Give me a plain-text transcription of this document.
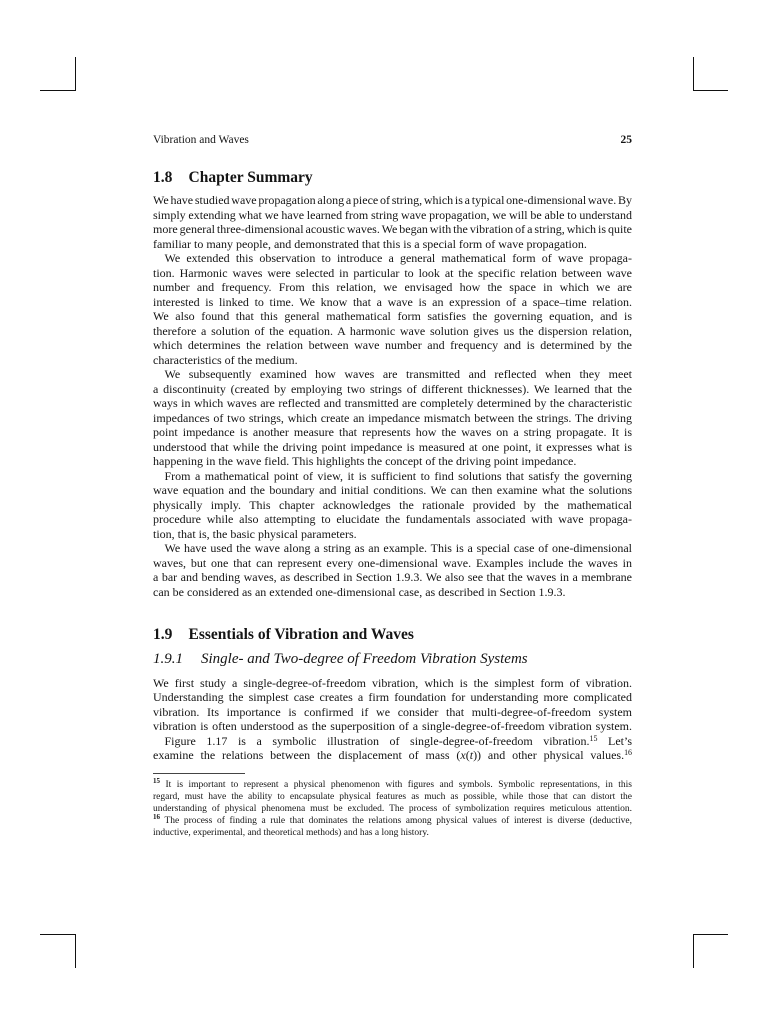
Vibration and Waves	25
1.8 Chapter Summary
We have studied wave propagation along a piece of string, which is a typical one-dimensional wave. By
simply extending what we have learned from string wave propagation, we will be able to understand
more general three-dimensional acoustic waves. We began with the vibration of a string, which is quite
familiar to many people, and demonstrated that this is a special form of wave propagation.
We extended this observation to introduce a general mathematical form of wave propaga-
tion. Harmonic waves were selected in particular to look at the specific relation between wave
number and frequency. From this relation, we envisaged how the space in which we are
interested is linked to time. We know that a wave is an expression of a space–time relation.
We also found that this general mathematical form satisfies the governing equation, and is
therefore a solution of the equation. A harmonic wave solution gives us the dispersion relation,
which determines the relation between wave number and frequency and is determined by the
characteristics of the medium.
We subsequently examined how waves are transmitted and reflected when they meet
a discontinuity (created by employing two strings of different thicknesses). We learned that the
ways in which waves are reflected and transmitted are completely determined by the characteristic
impedances of two strings, which create an impedance mismatch between the strings. The driving
point impedance is another measure that represents how the waves on a string propagate. It is
understood that while the driving point impedance is measured at one point, it expresses what is
happening in the wave field. This highlights the concept of the driving point impedance.
From a mathematical point of view, it is sufficient to find solutions that satisfy the governing
wave equation and the boundary and initial conditions. We can then examine what the solutions
physically imply. This chapter acknowledges the rationale provided by the mathematical
procedure while also attempting to elucidate the fundamentals associated with wave propaga-
tion, that is, the basic physical parameters.
We have used the wave along a string as an example. This is a special case of one-dimensional
waves, but one that can represent every one-dimensional wave. Examples include the waves in
a bar and bending waves, as described in Section 1.9.3. We also see that the waves in a membrane
can be considered as an extended one-dimensional case, as described in Section 1.9.3.
1.9 Essentials of Vibration and Waves
1.9.1 Single- and Two-degree of Freedom Vibration Systems
We first study a single-degree-of-freedom vibration, which is the simplest form of vibration.
Understanding the simplest case creates a firm foundation for understanding more complicated
vibration. Its importance is confirmed if we consider that multi-degree-of-freedom system
vibration is often understood as the superposition of a single-degree-of-freedom vibration system.
Figure 1.17 is a symbolic illustration of single-degree-of-freedom vibration.$^{15}$ Let’s
examine the relations between the displacement of mass (x(t)) and other physical values.$^{16}$
$^{15}$ It is important to represent a physical phenomenon with figures and symbols. Symbolic representations, in this
regard, must have the ability to encapsulate physical features as much as possible, while those that can distort the
understanding of physical phenomena must be excluded. The process of symbolization requires meticulous attention.
$^{16}$ The process of finding a rule that dominates the relations among physical values of interest is diverse (deductive,
inductive, experimental, and theoretical methods) and has a long history.
